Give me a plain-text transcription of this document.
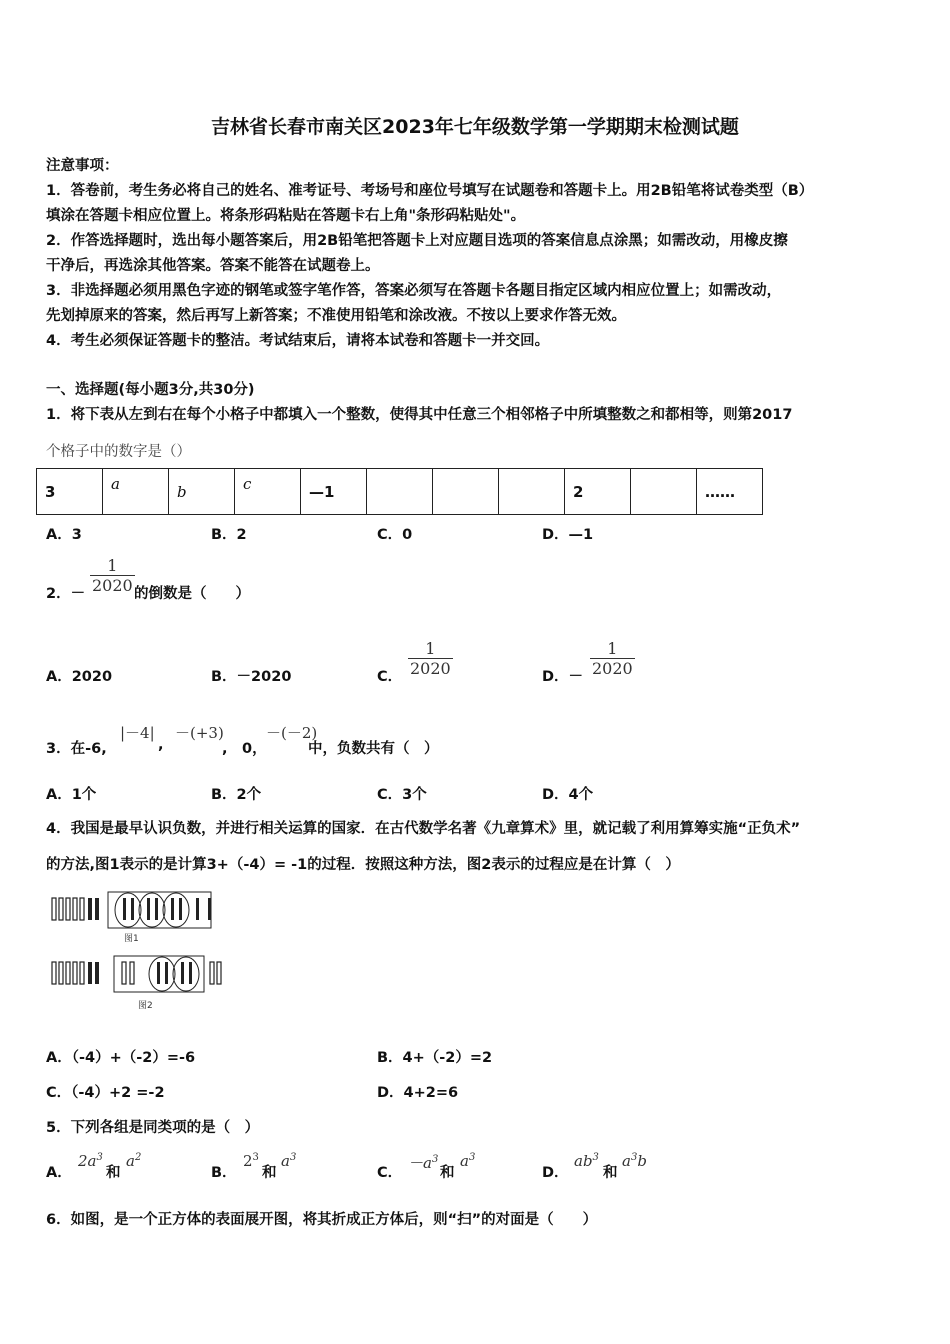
吉林省长春市南关区2023年七年级数学第一学期期末检测试题
注意事项：
1．答卷前，考生务必将自己的姓名、准考证号、考场号和座位号填写在试题卷和答题卡上。用2B铅笔将试卷类型（B）
填涂在答题卡相应位置上。将条形码粘贴在答题卡右上角"条形码粘贴处"。
2．作答选择题时，选出每小题答案后，用2B铅笔把答题卡上对应题目选项的答案信息点涂黑；如需改动，用橡皮擦
干净后，再选涂其他答案。答案不能答在试题卷上。
3．非选择题必须用黑色字迹的钢笔或签字笔作答，答案必须写在答题卡各题目指定区域内相应位置上；如需改动，
先划掉原来的答案，然后再写上新答案；不准使用铅笔和涂改液。不按以上要求作答无效。
4．考生必须保证答题卡的整洁。考试结束后，请将本试卷和答题卡一并交回。
一、选择题(每小题3分,共30分)
1．将下表从左到右在每个小格子中都填入一个整数，使得其中任意三个相邻格子中所填整数之和都相等，则第2017
个格子中的数字是（）
3	a	b	c	—1				2		……
A．3	B．2	C．0	D．—1
2．－ $\frac{1}{2020}$ 的倒数是（　　）
A．2020	B．－2020	C． $\frac{1}{2020}$	D．－ $\frac{1}{2020}$
3．在-6,
|－4|
,
－(+3)
,　0，
－(－2)
中，负数共有（　）
A．1个	B．2个	C．3个	D．4个
4．我国是最早认识负数，并进行相关运算的国家．在古代数学名著《九章算术》里，就记载了利用算筹实施“正负术”
的方法,图1表示的是计算3+（-4）= -1的过程．按照这种方法，图2表示的过程应是在计算（　）
图1
图2
A．（-4）+（-2）=-6	B．4+（-2）=2
C．（-4）+2 =-2	D．4+2=6
5．下列各组是同类项的是（　）
A．
$2a^3$
和
$a^2$
B．
$2^3$
和
$a^3$
C．
$-a^3$
和
$a^3$
D．
$ab^3$
和
$a^3b$
6．如图，是一个正方体的表面展开图，将其折成正方体后，则“扫”的对面是（　　）
